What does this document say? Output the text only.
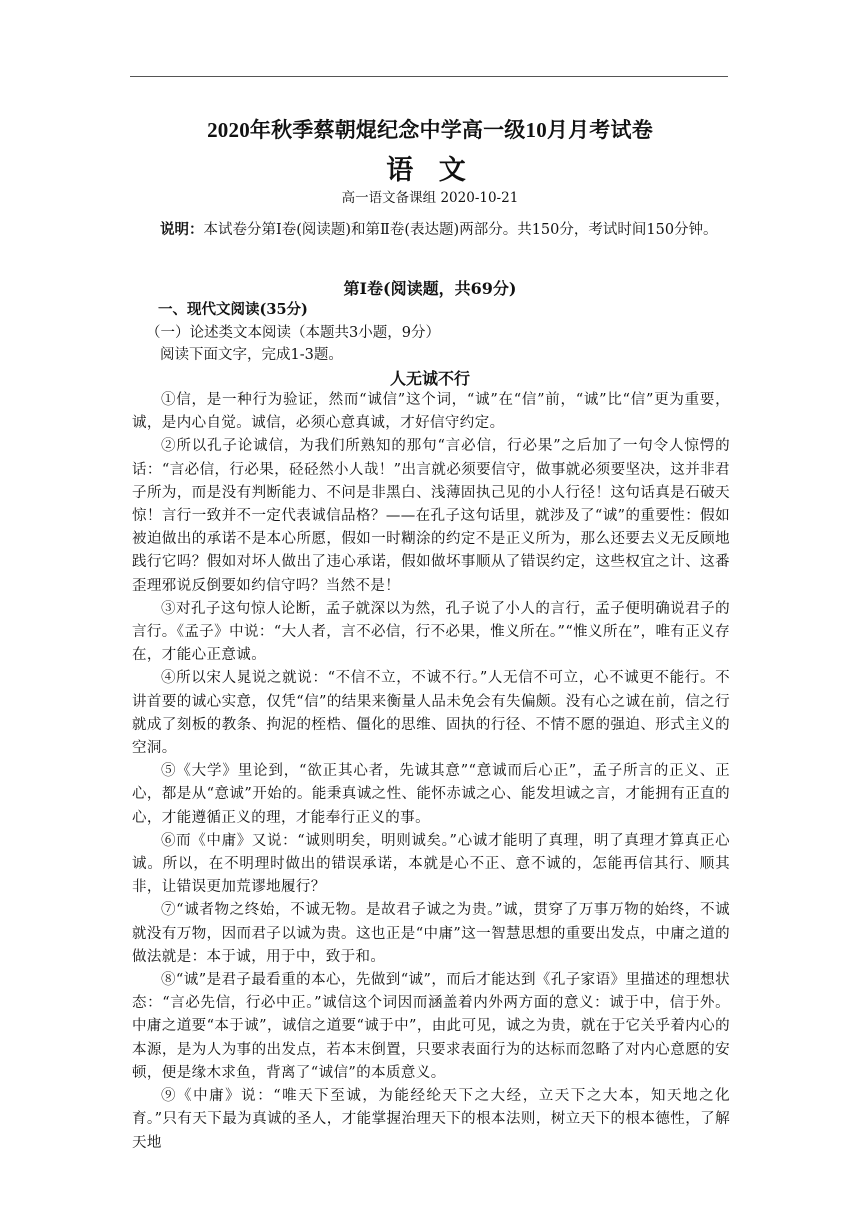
2020年秋季蔡朝焜纪念中学高一级10月月考试卷
语 文
高一语文备课组 2020-10-21
说明：本试卷分第Ⅰ卷(阅读题)和第Ⅱ卷(表达题)两部分。共150分，考试时间150分钟。
第Ⅰ卷(阅读题，共69分)
一、现代文阅读(35分)
（一）论述类文本阅读（本题共3小题，9分）
阅读下面文字，完成1-3题。
人无诚不行

①信，是一种行为验证，然而“诚信”这个词，“诚”在“信”前，“诚”比“信”更为重要，诚，是内心自觉。诚信，必须心意真诚，才好信守约定。

②所以孔子论诚信，为我们所熟知的那句“言必信，行必果”之后加了一句令人惊愕的话：“言必信，行必果，硁硁然小人哉！”出言就必须要信守，做事就必须要坚决，这并非君子所为，而是没有判断能力、不问是非黑白、浅薄固执己见的小人行径！这句话真是石破天惊！言行一致并不一定代表诚信品格？——在孔子这句话里，就涉及了“诚”的重要性：假如被迫做出的承诺不是本心所愿，假如一时糊涂的约定不是正义所为，那么还要去义无反顾地践行它吗？假如对坏人做出了违心承诺，假如做坏事顺从了错误约定，这些权宜之计、这番歪理邪说反倒要如约信守吗？当然不是！

③对孔子这句惊人论断，孟子就深以为然，孔子说了小人的言行，孟子便明确说君子的言行。《孟子》中说：“大人者，言不必信，行不必果，惟义所在。”“惟义所在”，唯有正义存在，才能心正意诚。

④所以宋人晁说之就说：“不信不立，不诚不行。”人无信不可立，心不诚更不能行。不讲首要的诚心实意，仅凭“信”的结果来衡量人品未免会有失偏颇。没有心之诚在前，信之行就成了刻板的教条、拘泥的桎梏、僵化的思维、固执的行径、不情不愿的强迫、形式主义的空洞。

⑤《大学》里论到，“欲正其心者，先诚其意”“意诚而后心正”，孟子所言的正义、正心，都是从“意诚”开始的。能秉真诚之性、能怀赤诚之心、能发坦诚之言，才能拥有正直的心，才能遵循正义的理，才能奉行正义的事。

⑥而《中庸》又说：“诚则明矣，明则诚矣。”心诚才能明了真理，明了真理才算真正心诚。所以，在不明理时做出的错误承诺，本就是心不正、意不诚的，怎能再信其行、顺其非，让错误更加荒谬地履行？

⑦“诚者物之终始，不诚无物。是故君子诚之为贵。”诚，贯穿了万事万物的始终，不诚就没有万物，因而君子以诚为贵。这也正是“中庸”这一智慧思想的重要出发点，中庸之道的做法就是：本于诚，用于中，致于和。

⑧“诚”是君子最看重的本心，先做到“诚”，而后才能达到《孔子家语》里描述的理想状态：“言必先信，行必中正。”诚信这个词因而涵盖着内外两方面的意义：诚于中，信于外。中庸之道要“本于诚”，诚信之道要“诚于中”，由此可见，诚之为贵，就在于它关乎着内心的本源，是为人为事的出发点，若本末倒置，只要求表面行为的达标而忽略了对内心意愿的安顿，便是缘木求鱼，背离了“诚信”的本质意义。

⑨《中庸》说：“唯天下至诚，为能经纶天下之大经，立天下之大本，知天地之化育。”只有天下最为真诚的圣人，才能掌握治理天下的根本法则，树立天下的根本德性，了解天地
